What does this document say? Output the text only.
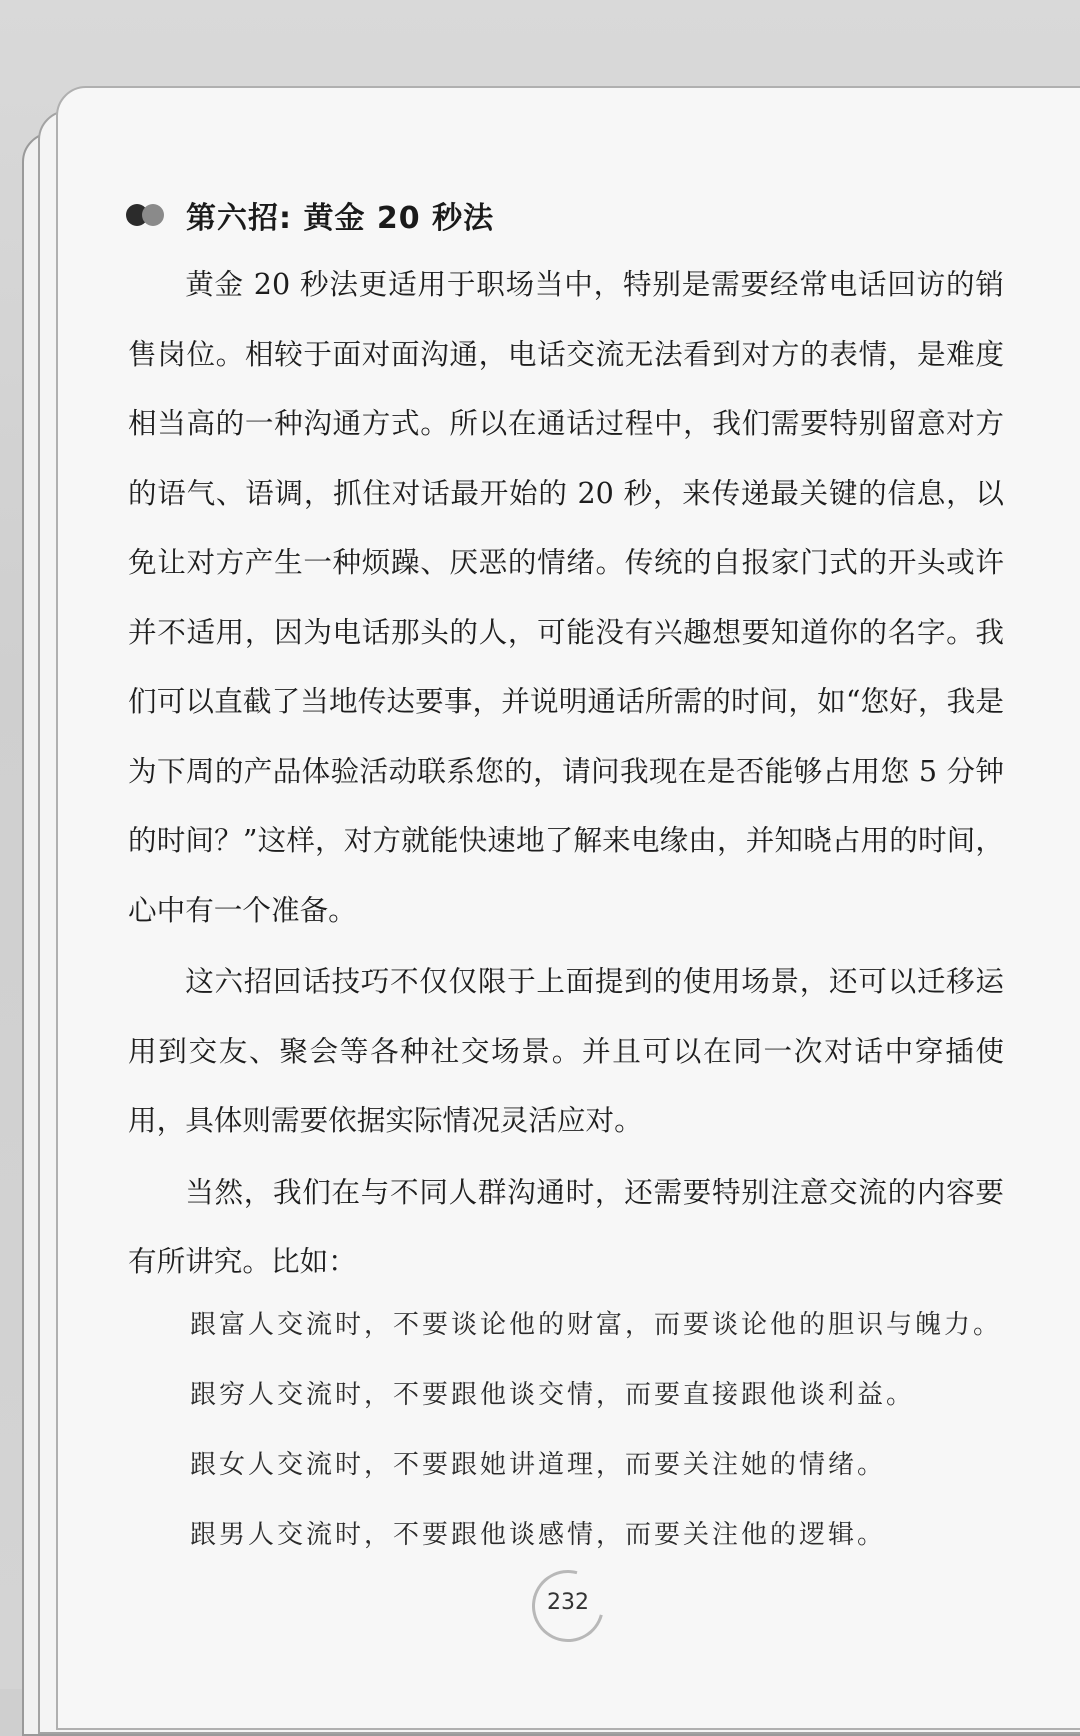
第六招: 黄金 20 秒法

黄金 20 秒法更适用于职场当中，特别是需要经常电话回访的销售岗位。相较于面对面沟通，电话交流无法看到对方的表情，是难度相当高的一种沟通方式。所以在通话过程中，我们需要特别留意对方的语气、语调，抓住对话最开始的 20 秒，来传递最关键的信息，以免让对方产生一种烦躁、厌恶的情绪。传统的自报家门式的开头或许并不适用，因为电话那头的人，可能没有兴趣想要知道你的名字。我们可以直截了当地传达要事，并说明通话所需的时间，如“您好，我是为下周的产品体验活动联系您的，请问我现在是否能够占用您 5 分钟的时间？”这样，对方就能快速地了解来电缘由，并知晓占用的时间，心中有一个准备。

这六招回话技巧不仅仅限于上面提到的使用场景，还可以迁移运用到交友、聚会等各种社交场景。并且可以在同一次对话中穿插使用，具体则需要依据实际情况灵活应对。

当然，我们在与不同人群沟通时，还需要特别注意交流的内容要有所讲究。比如：

跟富人交流时，不要谈论他的财富，而要谈论他的胆识与魄力。
跟穷人交流时，不要跟他谈交情，而要直接跟他谈利益。
跟女人交流时，不要跟她讲道理，而要关注她的情绪。
跟男人交流时，不要跟他谈感情，而要关注他的逻辑。
232
